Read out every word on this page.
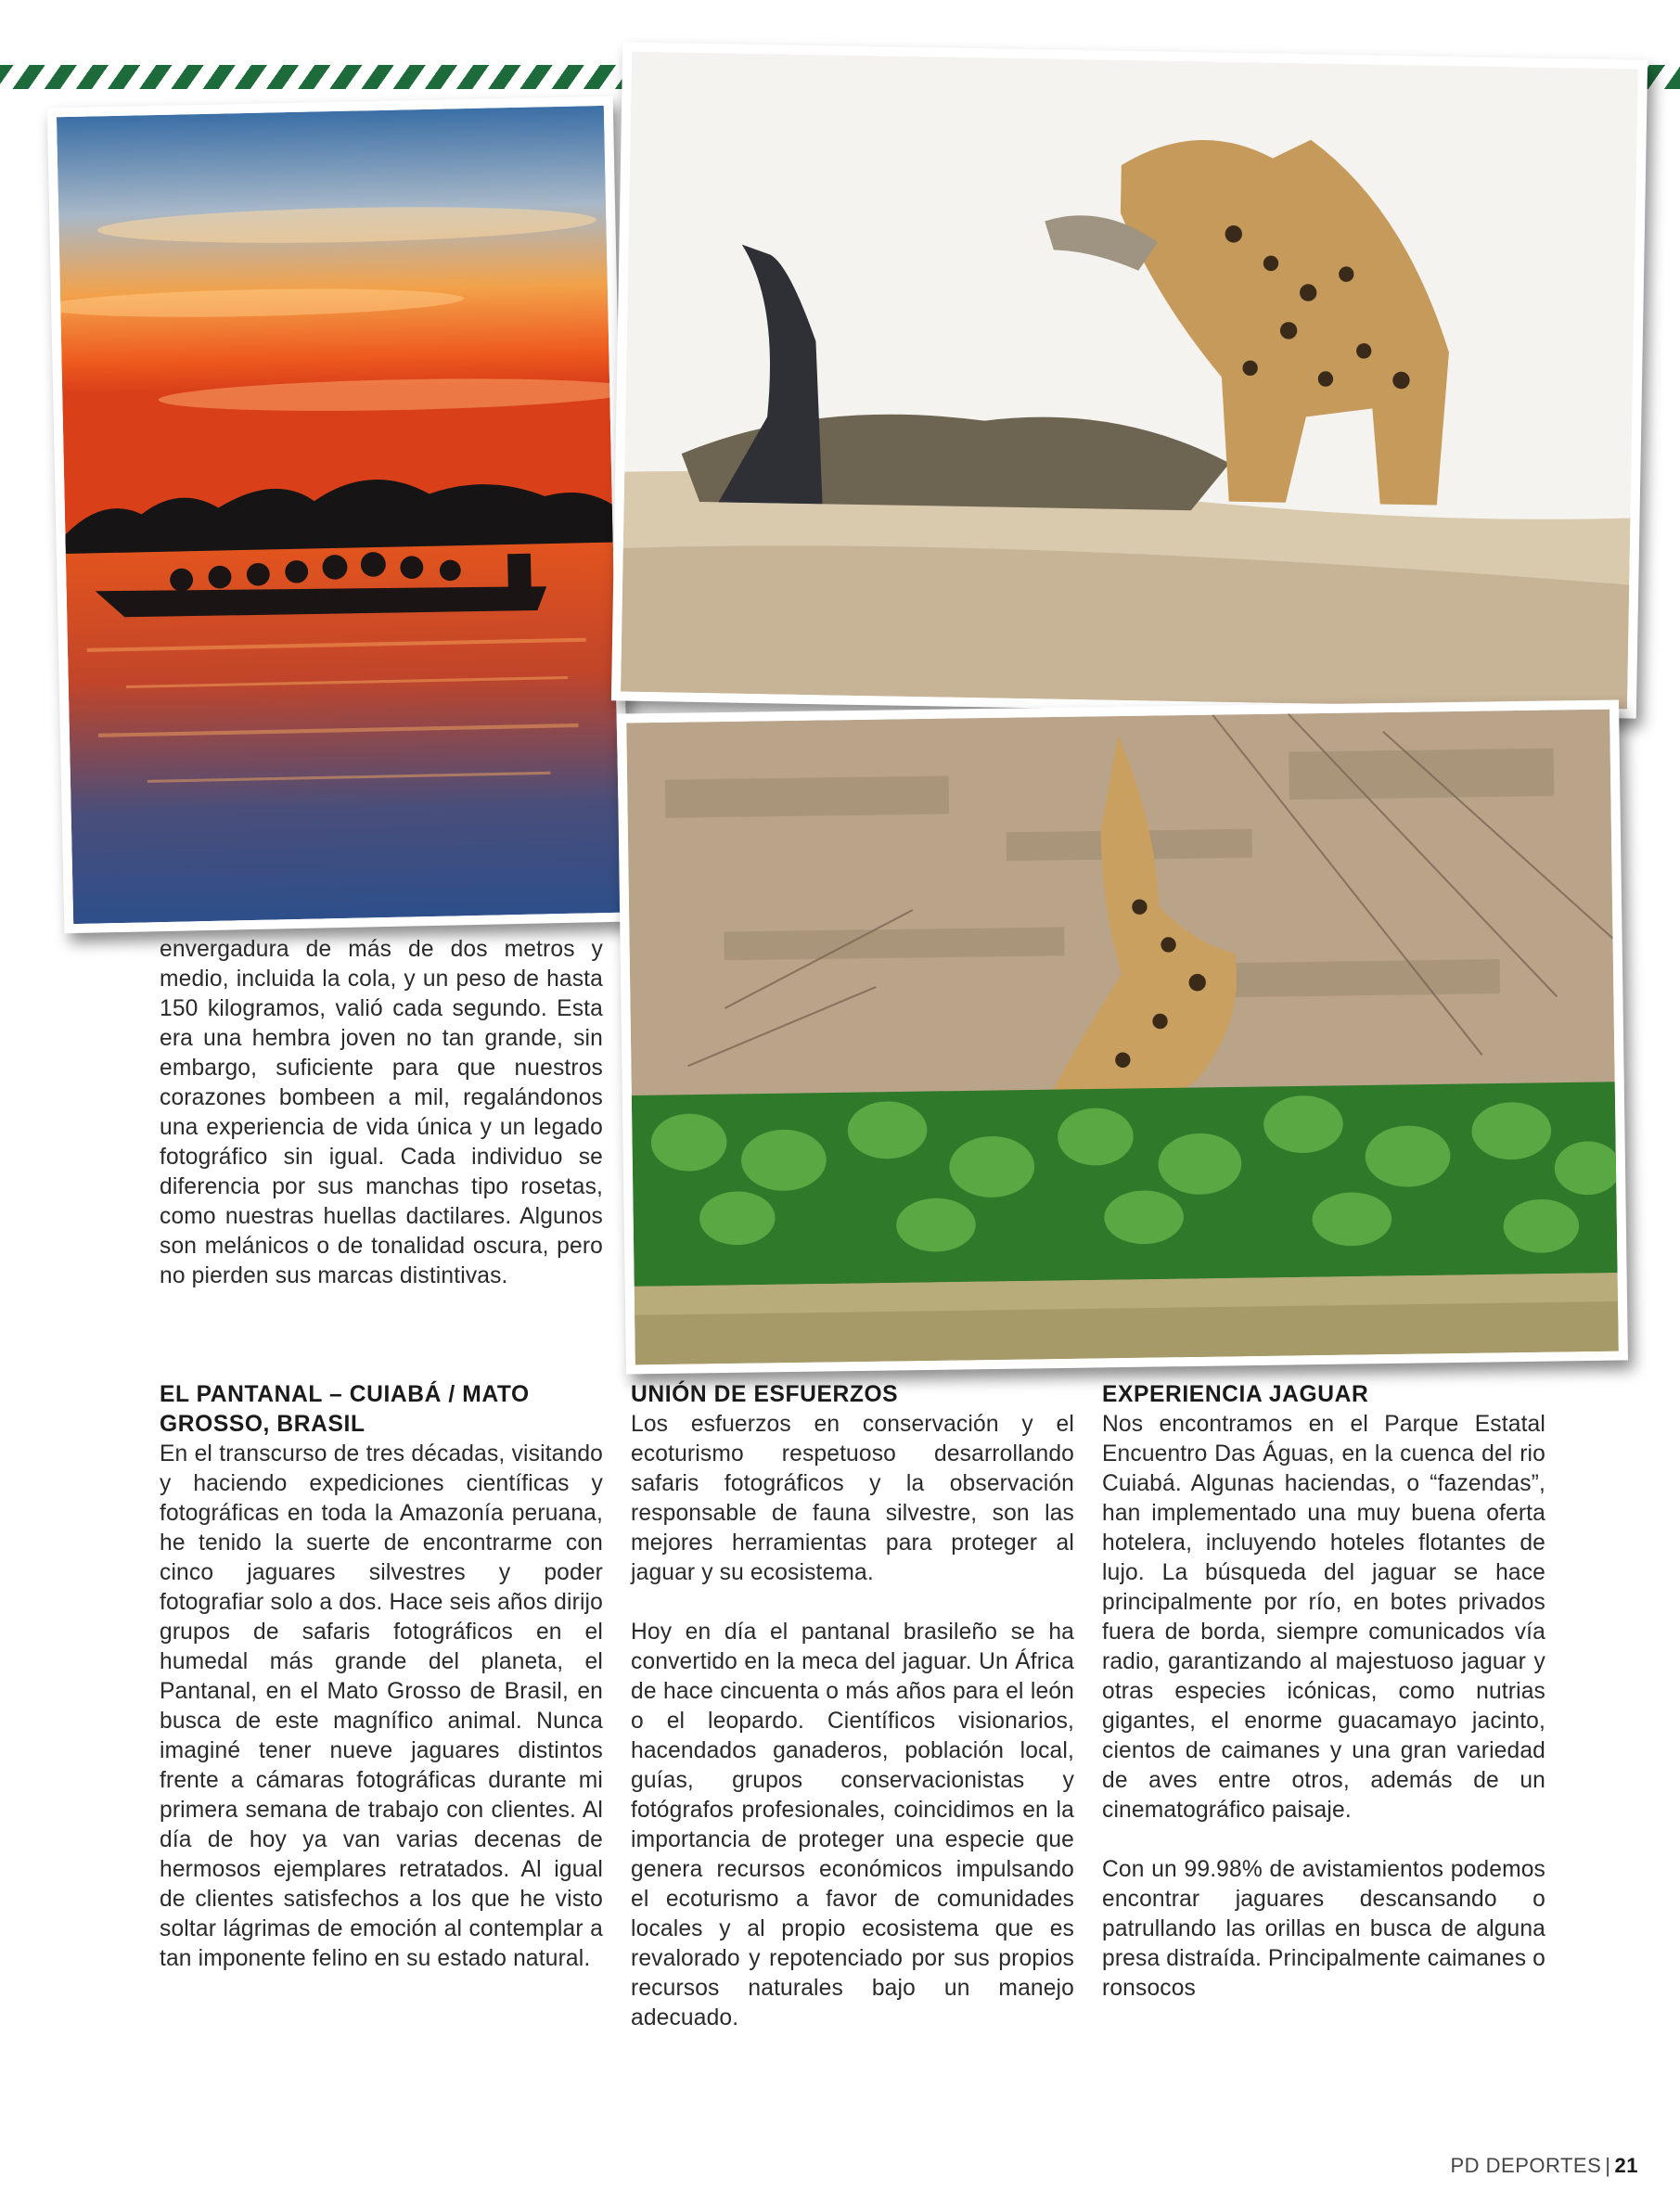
envergadura de más de dos metros y medio, incluida la cola, y un peso de hasta 150 kilogramos, valió cada segundo. Esta era una hembra joven no tan grande, sin embargo, suficiente para que nuestros corazones bombeen a mil, regalándonos una experiencia de vida única y un legado fotográfico sin igual. Cada individuo se diferencia por sus manchas tipo rosetas, como nuestras huellas dactilares. Algunos son melánicos o de tonalidad oscura, pero no pierden sus marcas distintivas.

EL PANTANAL – CUIABÁ / MATO GROSSO, BRASIL

En el transcurso de tres décadas, visitando y haciendo expediciones científicas y fotográficas en toda la Amazonía peruana, he tenido la suerte de encontrarme con cinco jaguares silvestres y poder fotografiar solo a dos. Hace seis años dirijo grupos de safaris fotográficos en el humedal más grande del planeta, el Pantanal, en el Mato Grosso de Brasil, en busca de este magnífico animal. Nunca imaginé tener nueve jaguares distintos frente a cámaras fotográficas durante mi primera semana de trabajo con clientes. Al día de hoy ya van varias decenas de hermosos ejemplares retratados. Al igual de clientes satisfechos a los que he visto soltar lágrimas de emoción al contemplar a tan imponente felino en su estado natural.

UNIÓN DE ESFUERZOS

Los esfuerzos en conservación y el ecoturismo respetuoso desarrollando safaris fotográficos y la observación responsable de fauna silvestre, son las mejores herramientas para proteger al jaguar y su ecosistema.

Hoy en día el pantanal brasileño se ha convertido en la meca del jaguar. Un África de hace cincuenta o más años para el león o el leopardo. Científicos visionarios, hacendados ganaderos, población local, guías, grupos conservacionistas y fotógrafos profesionales, coincidimos en la importancia de proteger una especie que genera recursos económicos impulsando el ecoturismo a favor de comunidades locales y al propio ecosistema que es revalorado y repotenciado por sus propios recursos naturales bajo un manejo adecuado.

EXPERIENCIA JAGUAR

Nos encontramos en el Parque Estatal Encuentro Das Águas, en la cuenca del rio Cuiabá. Algunas haciendas, o “fazendas”, han implementado una muy buena oferta hotelera, incluyendo hoteles flotantes de lujo. La búsqueda del jaguar se hace principalmente por río, en botes privados fuera de borda, siempre comunicados vía radio, garantizando al majestuoso jaguar y otras especies icónicas, como nutrias gigantes, el enorme guacamayo jacinto, cientos de caimanes y una gran variedad de aves entre otros, además de un cinematográfico paisaje.

Con un 99.98% de avistamientos podemos encontrar jaguares descansando o patrullando las orillas en busca de alguna presa distraída. Principalmente caimanes o ronsocos

PD DEPORTES | 21
